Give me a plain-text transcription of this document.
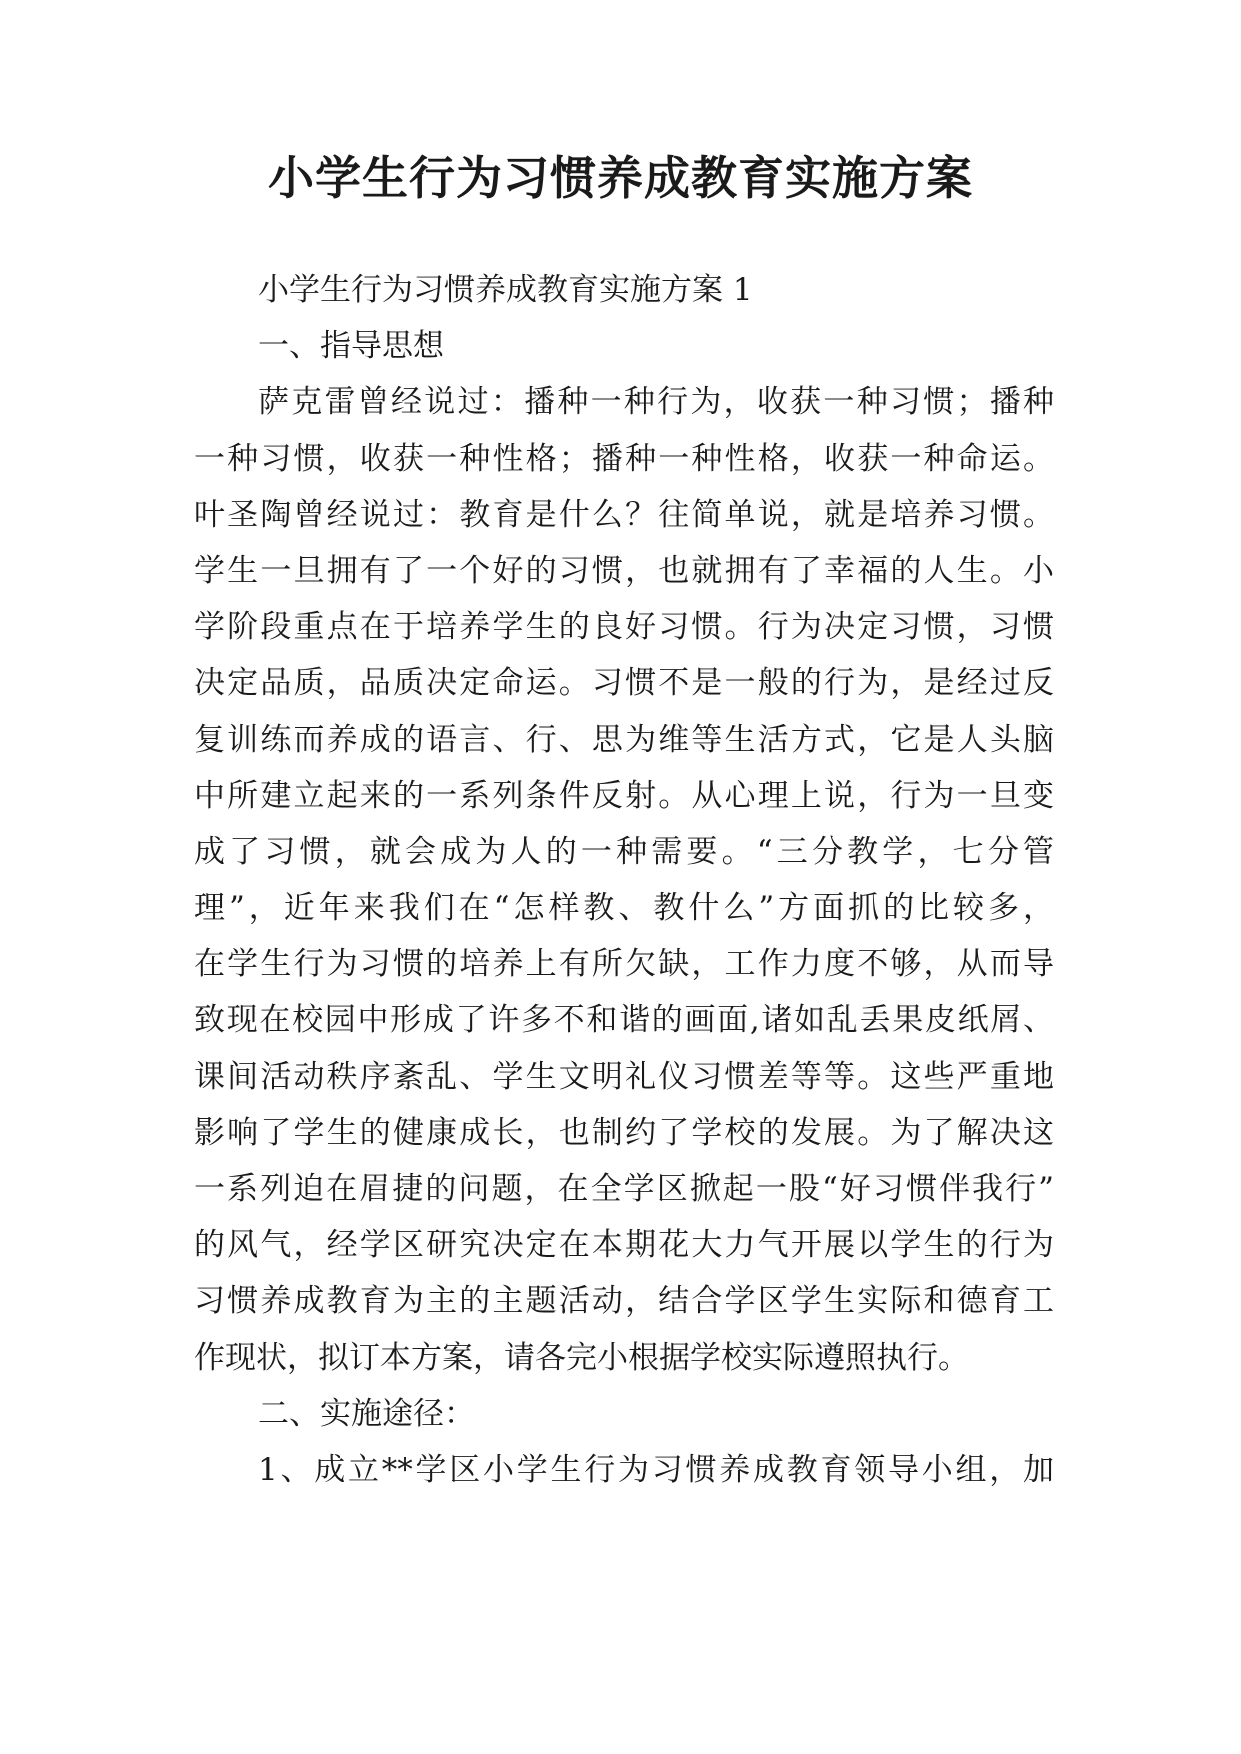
小学生行为习惯养成教育实施方案
小学生行为习惯养成教育实施方案 1
一、指导思想
萨克雷曾经说过：播种一种行为，收获一种习惯；播种
一种习惯，收获一种性格；播种一种性格，收获一种命运。
叶圣陶曾经说过：教育是什么？往简单说，就是培养习惯。
学生一旦拥有了一个好的习惯，也就拥有了幸福的人生。小
学阶段重点在于培养学生的良好习惯。行为决定习惯，习惯
决定品质，品质决定命运。习惯不是一般的行为，是经过反
复训练而养成的语言、行、思为维等生活方式，它是人头脑
中所建立起来的一系列条件反射。从心理上说，行为一旦变
成了习惯，就会成为人的一种需要。“三分教学，七分管
理”，近年来我们在“怎样教、教什么”方面抓的比较多，
在学生行为习惯的培养上有所欠缺，工作力度不够，从而导
致现在校园中形成了许多不和谐的画面,诸如乱丢果皮纸屑、
课间活动秩序紊乱、学生文明礼仪习惯差等等。这些严重地
影响了学生的健康成长，也制约了学校的发展。为了解决这
一系列迫在眉捷的问题，在全学区掀起一股“好习惯伴我行”
的风气，经学区研究决定在本期花大力气开展以学生的行为
习惯养成教育为主的主题活动，结合学区学生实际和德育工
作现状，拟订本方案，请各完小根据学校实际遵照执行。
二、实施途径：
1、成立**学区小学生行为习惯养成教育领导小组，加
